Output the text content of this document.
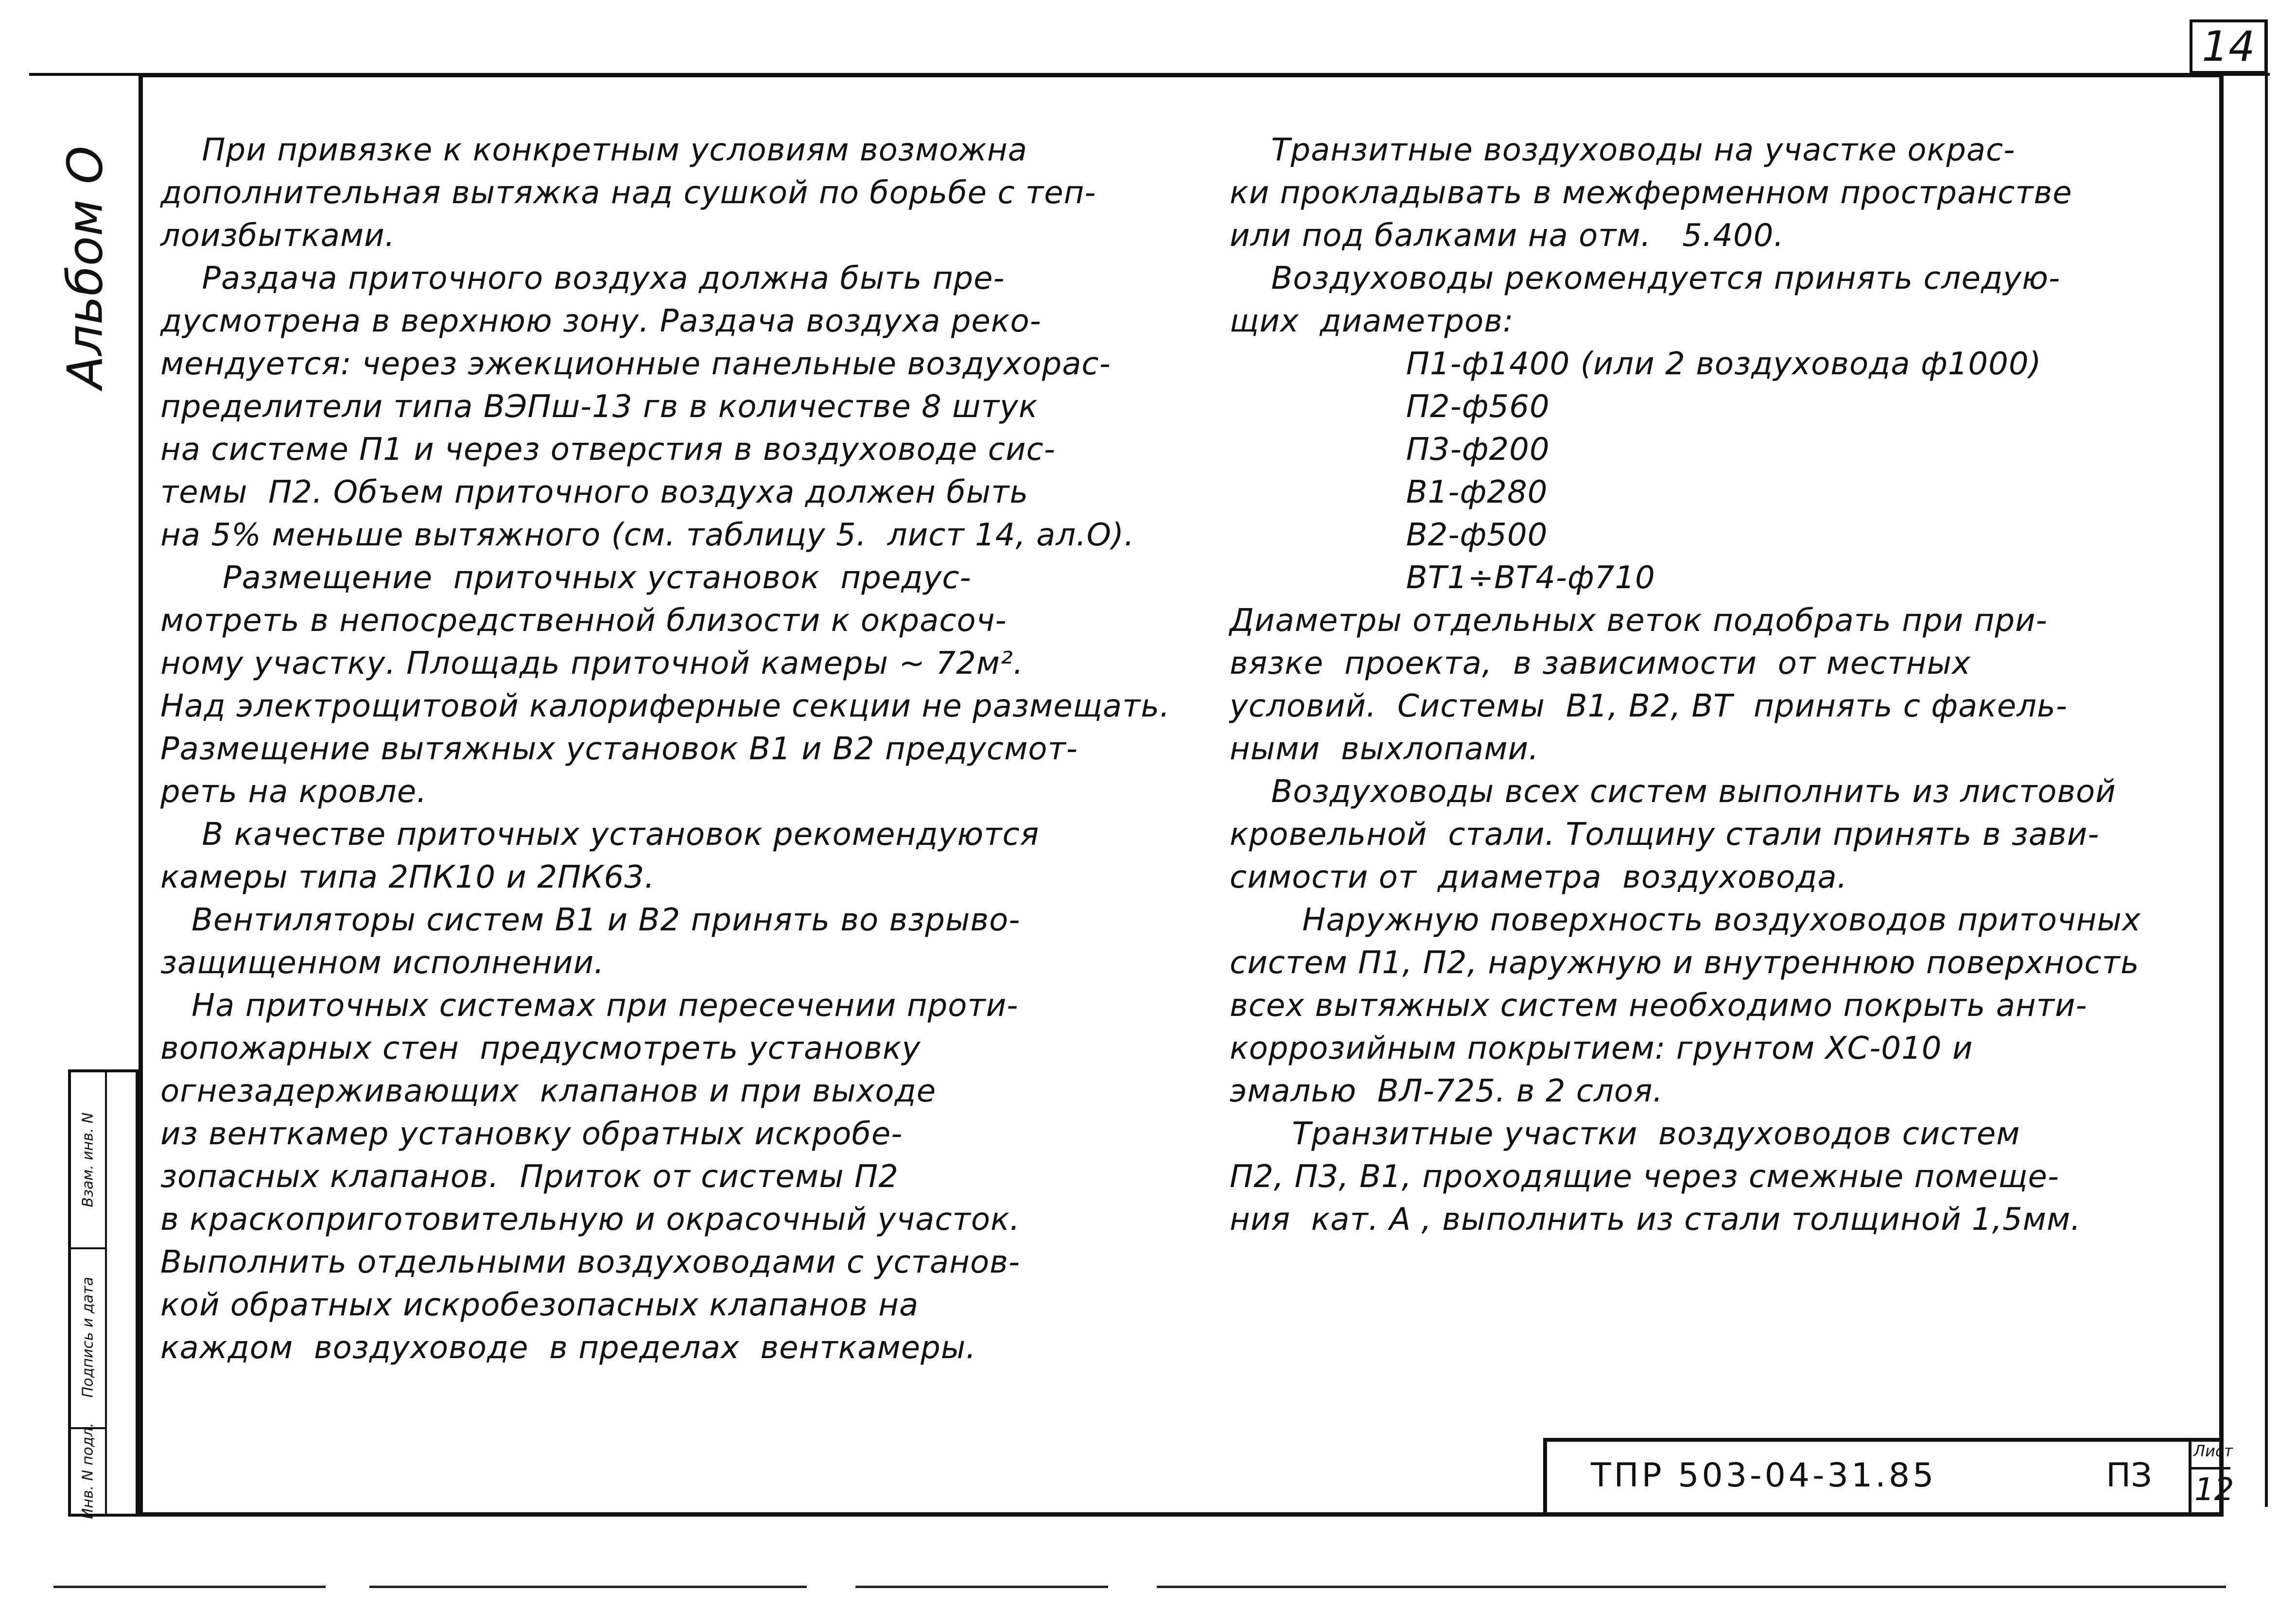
14
Альбом О
Взам. инв. N
Подпись и дата
Инв. N подл.
При привязке к конкретным условиям возможна
дополнительная вытяжка над сушкой по борьбе с теп-
лоизбытками.
Раздача приточного воздуха должна быть пре-
дусмотрена в верхнюю зону. Раздача воздуха реко-
мендуется: через эжекционные панельные воздухорас-
пределители типа ВЭПш-13 гв в количестве 8 штук
на системе П1 и через отверстия в воздуховоде сис-
темы  П2. Объем приточного воздуха должен быть
на 5% меньше вытяжного (см. таблицу 5.  лист 14, ал.О).
Размещение  приточных установок  предус-
мотреть в непосредственной близости к окрасоч-
ному участку. Площадь приточной камеры ~ 72м².
Над электрощитовой калориферные секции не размещать.
Размещение вытяжных установок В1 и В2 предусмот-
реть на кровле.
В качестве приточных установок рекомендуются
камеры типа 2ПК10 и 2ПК63.
Вентиляторы систем В1 и В2 принять во взрыво-
защищенном исполнении.
На приточных системах при пересечении проти-
вопожарных стен  предусмотреть установку
огнезадерживающих  клапанов и при выходе
из венткамер установку обратных искробе-
зопасных клапанов.  Приток от системы П2
в краскоприготовительную и окрасочный участок.
Выполнить отдельными воздуховодами с установ-
кой обратных искробезопасных клапанов на
каждом  воздуховоде  в пределах  венткамеры.
Транзитные воздуховоды на участке окрас-
ки прокладывать в межферменном пространстве
или под балками на отм.   5.400.
Воздуховоды рекомендуется принять следую-
щих  диаметров:
П1-ф1400 (или 2 воздуховода ф1000)
П2-ф560
П3-ф200
В1-ф280
В2-ф500
ВТ1÷ВТ4-ф710
Диаметры отдельных веток подобрать при при-
вязке  проекта,  в зависимости  от местных
условий.  Системы  В1, В2, ВТ  принять с факель-
ными  выхлопами.
Воздуховоды всех систем выполнить из листовой
кровельной  стали. Толщину стали принять в зави-
симости от  диаметра  воздуховода.
Наружную поверхность воздуховодов приточных
систем П1, П2, наружную и внутреннюю поверхность
всех вытяжных систем необходимо покрыть анти-
коррозийным покрытием: грунтом ХС-010 и
эмалью  ВЛ-725. в 2 слоя.
Транзитные участки  воздуховодов систем
П2, П3, В1, проходящие через смежные помеще-
ния  кат. А , выполнить из стали толщиной 1,5мм.
ТПР 503-04-31.85	ПЗ
Лист
12
